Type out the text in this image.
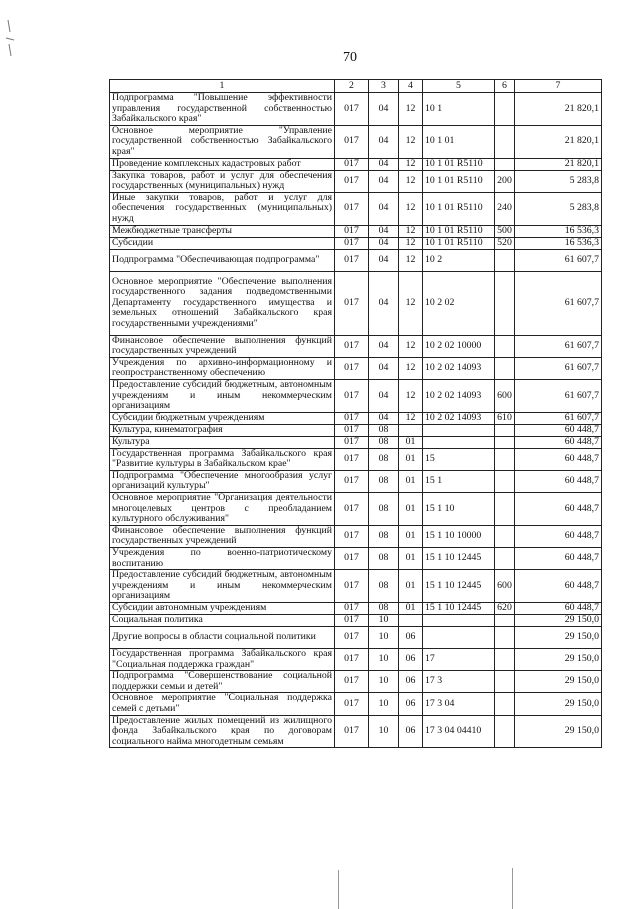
70
1	2	3	4	5	6	7
Подпрограмма "Повышение эффективности управления государственной собственностью Забайкальского края"	017	04	12	10 1		21 820,1
Основное мероприятие "Управление государственной собственностью Забайкальского края"	017	04	12	10 1 01		21 820,1
Проведение комплексных кадастровых работ	017	04	12	10 1 01 R5110		21 820,1
Закупка товаров, работ и услуг для обеспечения государственных (муниципальных) нужд	017	04	12	10 1 01 R5110	200	5 283,8
Иные закупки товаров, работ и услуг для обеспечения государственных (муниципальных) нужд	017	04	12	10 1 01 R5110	240	5 283,8
Межбюджетные трансферты	017	04	12	10 1 01 R5110	500	16 536,3
Субсидии	017	04	12	10 1 01 R5110	520	16 536,3
Подпрограмма "Обеспечивающая подпрограмма"	017	04	12	10 2		61 607,7
Основное мероприятие "Обеспечение выполнения государственного задания подведомственными Департаменту государственного имущества и земельных отношений Забайкальского края государственными учреждениями"	017	04	12	10 2 02		61 607,7
Финансовое обеспечение выполнения функций государственных учреждений	017	04	12	10 2 02 10000		61 607,7
Учреждения по архивно-информационному и геопространственному обеспечению	017	04	12	10 2 02 14093		61 607,7
Предоставление субсидий бюджетным, автономным учреждениям и иным некоммерческим организациям	017	04	12	10 2 02 14093	600	61 607,7
Субсидии бюджетным учреждениям	017	04	12	10 2 02 14093	610	61 607,7
Культура, кинематография	017	08				60 448,7
Культура	017	08	01			60 448,7
Государственная программа Забайкальского края "Развитие культуры в Забайкальском крае"	017	08	01	15		60 448,7
Подпрограмма "Обеспечение многообразия услуг организаций культуры"	017	08	01	15 1		60 448,7
Основное мероприятие "Организация деятельности многоцелевых центров с преобладанием культурного обслуживания"	017	08	01	15 1 10		60 448,7
Финансовое обеспечение выполнения функций государственных учреждений	017	08	01	15 1 10 10000		60 448,7
Учреждения по военно-патриотическому воспитанию	017	08	01	15 1 10 12445		60 448,7
Предоставление субсидий бюджетным, автономным учреждениям и иным некоммерческим организациям	017	08	01	15 1 10 12445	600	60 448,7
Субсидии автономным учреждениям	017	08	01	15 1 10 12445	620	60 448,7
Социальная политика	017	10				29 150,0
Другие вопросы в области социальной политики	017	10	06			29 150,0
Государственная программа Забайкальского края "Социальная поддержка граждан"	017	10	06	17		29 150,0
Подпрограмма "Совершенствование социальной поддержки семьи и детей"	017	10	06	17 3		29 150,0
Основное мероприятие "Социальная поддержка семей с детьми"	017	10	06	17 3 04		29 150,0
Предоставление жилых помещений из жилищного фонда Забайкальского края по договорам социального найма многодетным семьям	017	10	06	17 3 04 04410		29 150,0
